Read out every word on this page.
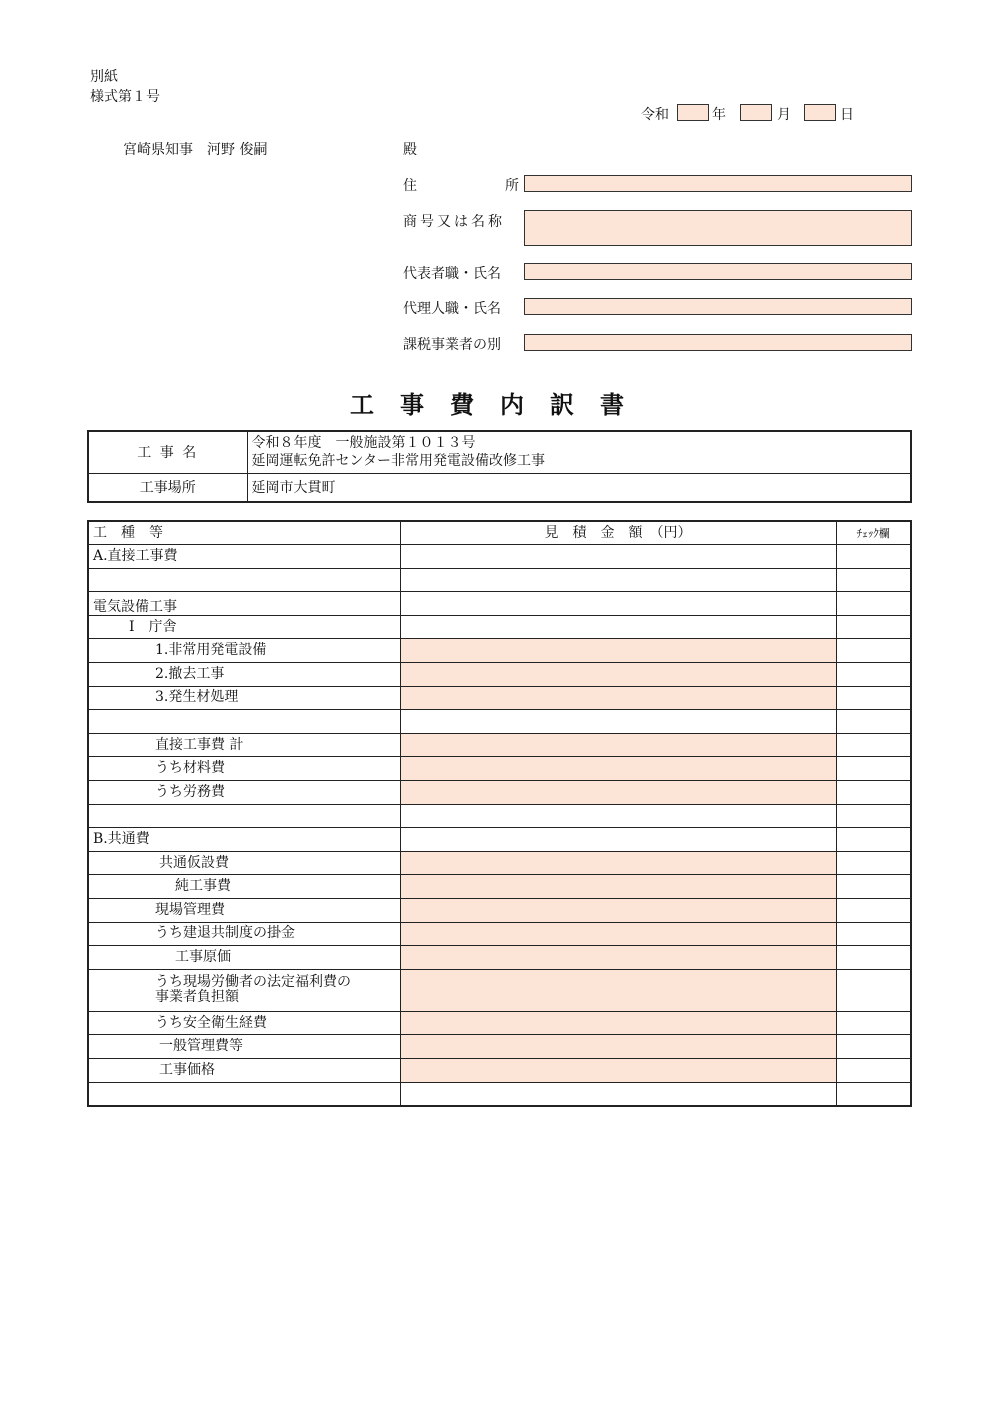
別紙
様式第１号
令和	年	月	日
宮崎県知事　河野 俊嗣	殿
住	所
商号又は名称
代表者職・氏名
代理人職・氏名
課税事業者の別
工事費内訳書
工 事 名	令和８年度　一般施設第１０１３号
延岡運転免許センター非常用発電設備改修工事

工事場所	延岡市大貫町
工　種　等	見　積　金　額　（円）	ﾁｪｯｸ欄
A.直接工事費		

電気設備工事		
Ⅰ　庁舎		
1.非常用発電設備		
2.撤去工事		
3.発生材処理		

直接工事費 計		
うち材料費		
うち労務費		

B.共通費		
共通仮設費		
純工事費		
現場管理費		
うち建退共制度の掛金		
工事原価		

うち現場労働者の法定福利費の
事業者負担額		

うち安全衛生経費		
一般管理費等		
工事価格		
